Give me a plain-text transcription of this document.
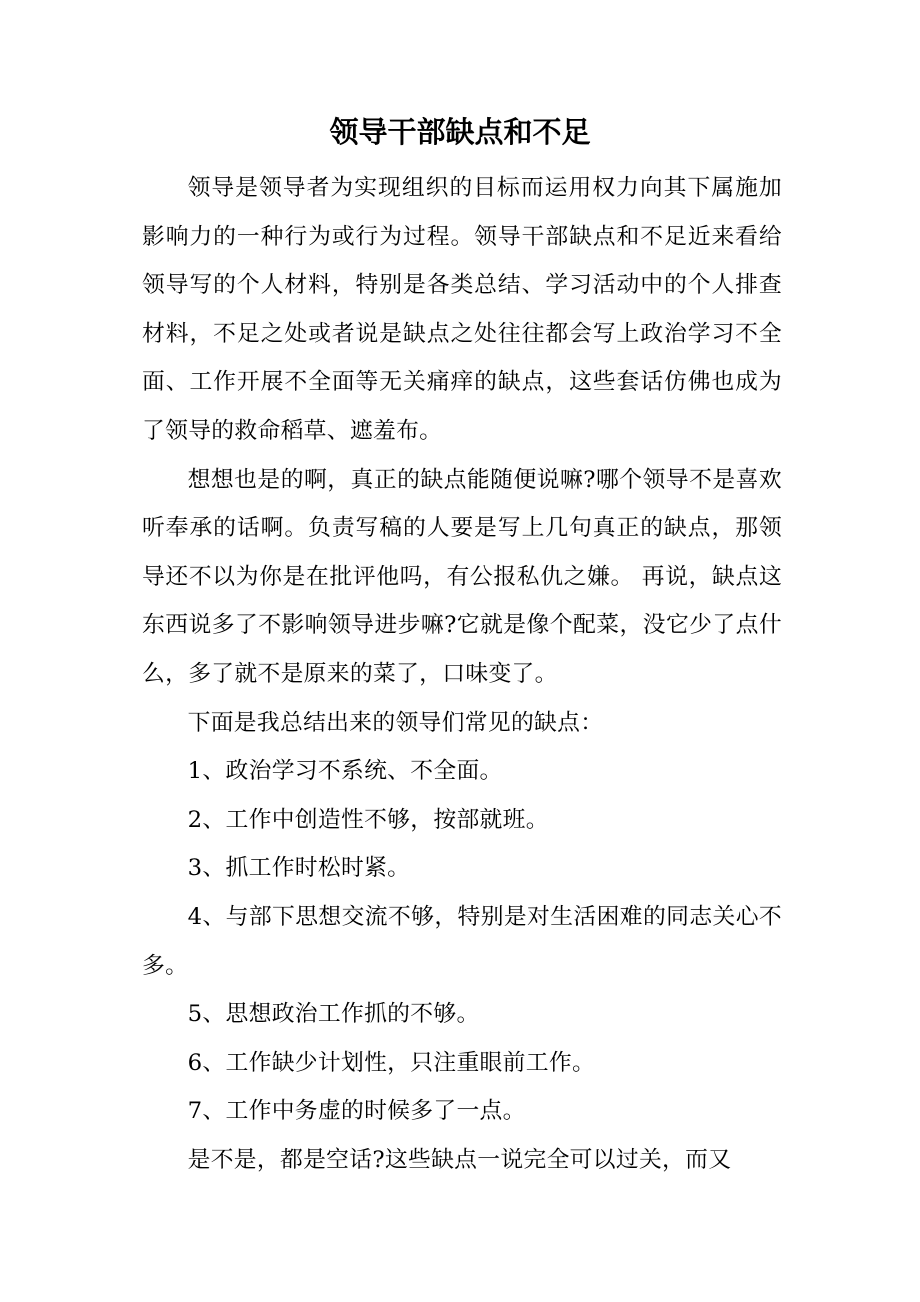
领导干部缺点和不足

领导是领导者为实现组织的目标而运用权力向其下属施加影响力的一种行为或行为过程。领导干部缺点和不足近来看给领导写的个人材料，特别是各类总结、学习活动中的个人排查材料，不足之处或者说是缺点之处往往都会写上政治学习不全面、工作开展不全面等无关痛痒的缺点，这些套话仿佛也成为了领导的救命稻草、遮羞布。

想想也是的啊，真正的缺点能随便说嘛?哪个领导不是喜欢听奉承的话啊。负责写稿的人要是写上几句真正的缺点，那领导还不以为你是在批评他吗，有公报私仇之嫌。 再说，缺点这东西说多了不影响领导进步嘛?它就是像个配菜，没它少了点什么，多了就不是原来的菜了，口味变了。

下面是我总结出来的领导们常见的缺点：

1、政治学习不系统、不全面。

2、工作中创造性不够，按部就班。

3、抓工作时松时紧。

4、与部下思想交流不够，特别是对生活困难的同志关心不多。

5、思想政治工作抓的不够。

6、工作缺少计划性，只注重眼前工作。

7、工作中务虚的时候多了一点。

是不是，都是空话?这些缺点一说完全可以过关，而又
